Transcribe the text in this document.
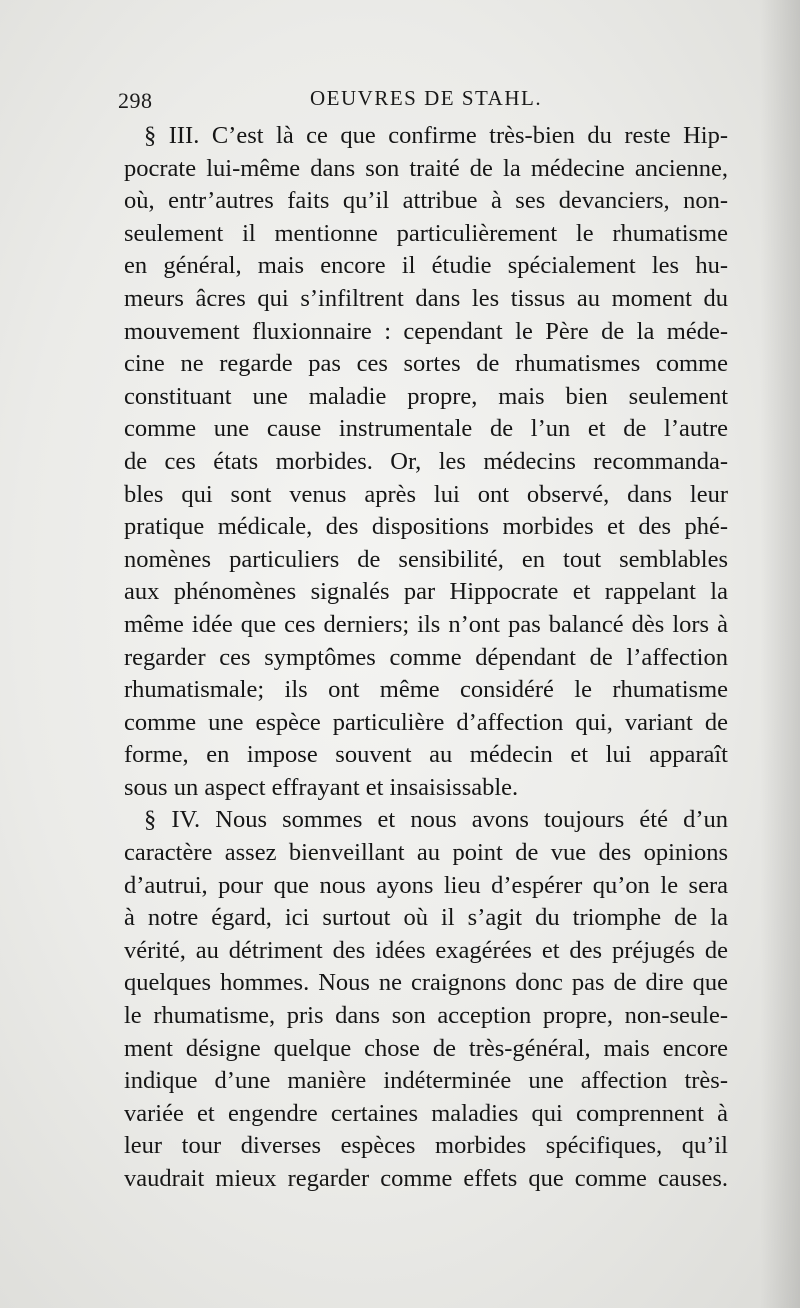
298	OEUVRES DE STAHL.
§ III. C’est là ce que confirme très-bien du reste Hip-
pocrate lui-même dans son traité de la médecine ancienne,
où, entr’autres faits qu’il attribue à ses devanciers, non-
seulement il mentionne particulièrement le rhumatisme
en général, mais encore il étudie spécialement les hu-
meurs âcres qui s’infiltrent dans les tissus au moment du
mouvement fluxionnaire : cependant le Père de la méde-
cine ne regarde pas ces sortes de rhumatismes comme
constituant une maladie propre, mais bien seulement
comme une cause instrumentale de l’un et de l’autre
de ces états morbides. Or, les médecins recommanda-
bles qui sont venus après lui ont observé, dans leur
pratique médicale, des dispositions morbides et des phé-
nomènes particuliers de sensibilité, en tout semblables
aux phénomènes signalés par Hippocrate et rappelant la
même idée que ces derniers; ils n’ont pas balancé dès lors à
regarder ces symptômes comme dépendant de l’affection
rhumatismale; ils ont même considéré le rhumatisme
comme une espèce particulière d’affection qui, variant de
forme, en impose souvent au médecin et lui apparaît
sous un aspect effrayant et insaisissable.
§ IV. Nous sommes et nous avons toujours été d’un
caractère assez bienveillant au point de vue des opinions
d’autrui, pour que nous ayons lieu d’espérer qu’on le sera
à notre égard, ici surtout où il s’agit du triomphe de la
vérité, au détriment des idées exagérées et des préjugés de
quelques hommes. Nous ne craignons donc pas de dire que
le rhumatisme, pris dans son acception propre, non-seule-
ment désigne quelque chose de très-général, mais encore
indique d’une manière indéterminée une affection très-
variée et engendre certaines maladies qui comprennent à
leur tour diverses espèces morbides spécifiques, qu’il
vaudrait mieux regarder comme effets que comme causes.
